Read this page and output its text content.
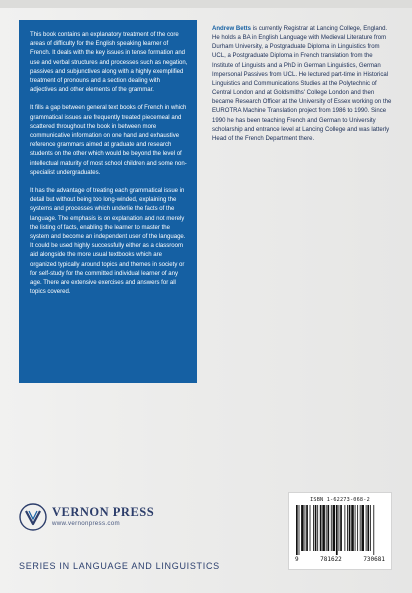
This book contains an explanatory treatment of the core areas of difficulty for the English speaking learner of French. It deals with the key issues in tense formation and use and verbal structures and processes such as negation, passives and subjunctives along with a highly exemplified treatment of pronouns and a section dealing with adjectives and other elements of the grammar.

It fills a gap between general text books of French in which grammatical issues are frequently treated piecemeal and scattered throughout the book in between more communicative information on one hand and exhaustive reference grammars aimed at graduate and research students on the other which would be beyond the level of intellectual maturity of most school children and some non-specialist undergraduates.

It has the advantage of treating each grammatical issue in detail but without being too long-winded, explaining the systems and processes which underlie the facts of the language. The emphasis is on explanation and not merely the listing of facts, enabling the learner to master the system and become an independent user of the language. It could be used highly successfully either as a classroom aid alongside the more usual textbooks which are organized typically around topics and themes in society or for self-study for the committed individual learner of any age. There are extensive exercises and answers for all topics covered.

Andrew Betts is currently Registrar at Lancing College, England. He holds a BA in English Language with Medieval Literature from Durham University, a Postgraduate Diploma in Linguistics from UCL, a Postgraduate Diploma in French translation from the Institute of Linguists and a PhD in German Linguistics, German Impersonal Passives from UCL. He lectured part-time in Historical Linguistics and Communications Studies at the Polytechnic of Central London and at Goldsmiths' College London and then became Research Officer at the University of Essex working on the EUROTRA Machine Translation project from 1986 to 1990. Since 1990 he has been teaching French and German to University scholarship and entrance level at Lancing College and was latterly Head of the French Department there.
VERNON PRESS
www.vernonpress.com
SERIES IN LANGUAGE AND LINGUISTICS
ISBN 1-62273-068-2
9	781622	730681
